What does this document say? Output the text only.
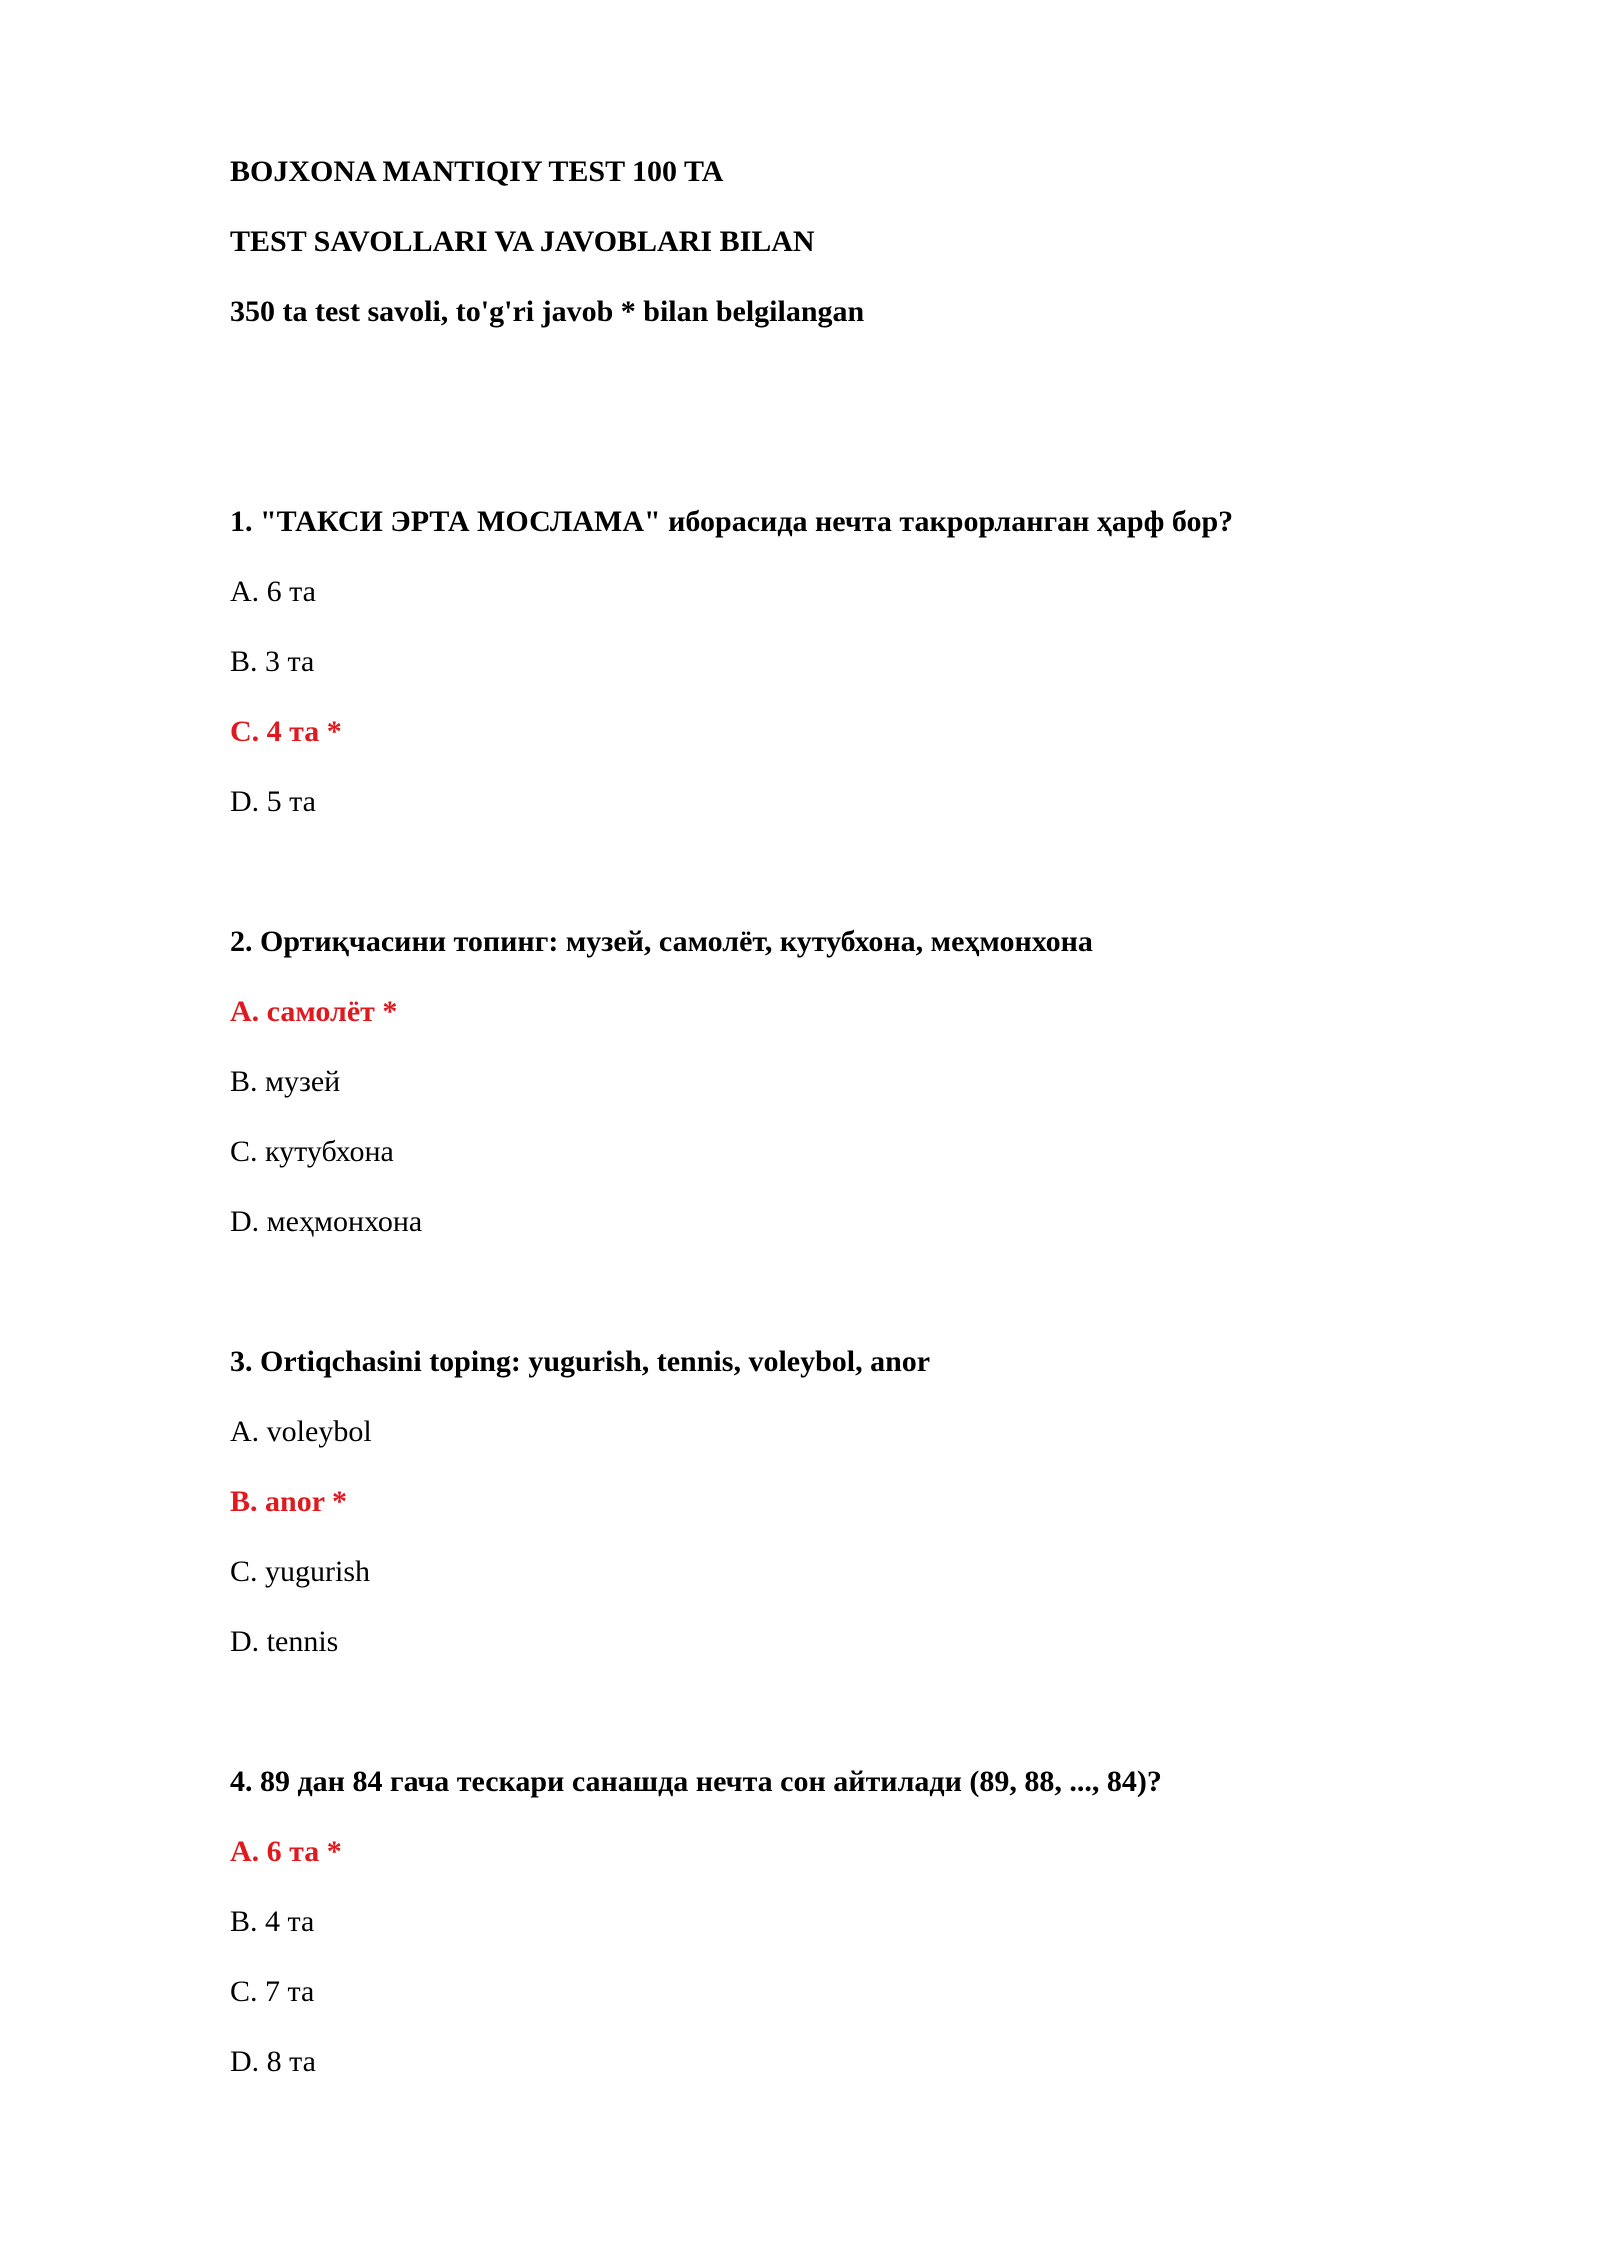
BOJXONA MANTIQIY TEST 100 TA
TEST SAVOLLARI VA JAVOBLARI BILAN
350 ta test savoli, to'g'ri javob * bilan belgilangan
1. "ТАКСИ ЭРТА МОСЛАМА" иборасида нечта такрорланган ҳарф бор?
A. 6 та
B. 3 та
C. 4 та *
D. 5 та
2. Ортиқчасини топинг: музей, самолёт, кутубхона, меҳмонхона
A. самолёт *
B. музей
C. кутубхона
D. меҳмонхона
3. Ortiqchasini toping: yugurish, tennis, voleybol, anor
A. voleybol
B. anor *
C. yugurish
D. tennis
4. 89 дан 84 гача тескари санашда нечта сон айтилади (89, 88, ..., 84)?
A. 6 та *
B. 4 та
C. 7 та
D. 8 та
